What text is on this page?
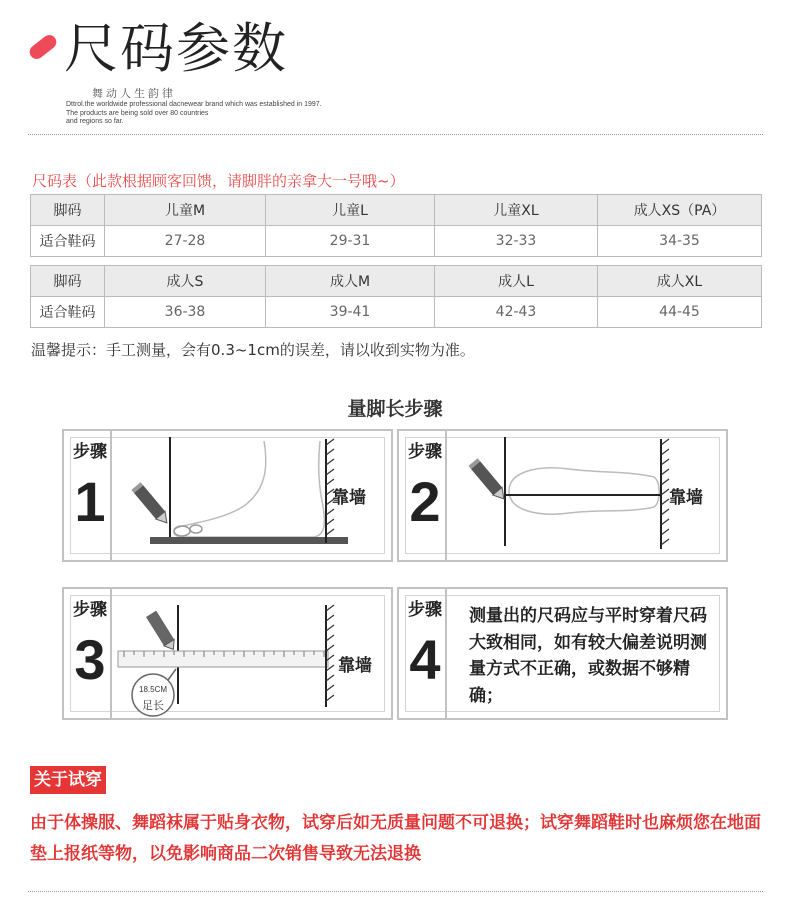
尺码参数
舞动人生韵律
Dttrol.the worldwide professional dacnewear brand which was established in 1997.
The products are being sold over 80 countries
and regions so far.
尺码表（此款根据顾客回馈，请脚胖的亲拿大一号哦~）
脚码	儿童M	儿童L	儿童XL	成人XS（PA）
适合鞋码	27-28	29-31	32-33	34-35
脚码	成人S	成人M	成人L	成人XL
适合鞋码	36-38	39-41	42-43	44-45
温馨提示：手工测量，会有0.3~1cm的误差，请以收到实物为准。
量脚长步骤
步骤
1	靠墙
步骤
2	靠墙
步骤
3	18.5CM
足长
靠墙
步骤
4
测量出的尺码应与平时穿着尺码大致相同，如有较大偏差说明测量方式不正确，或数据不够精确；
关于试穿
由于体操服、舞蹈袜属于贴身衣物，试穿后如无质量问题不可退换；试穿舞蹈鞋时也麻烦您在地面垫上报纸等物，以免影响商品二次销售导致无法退换
